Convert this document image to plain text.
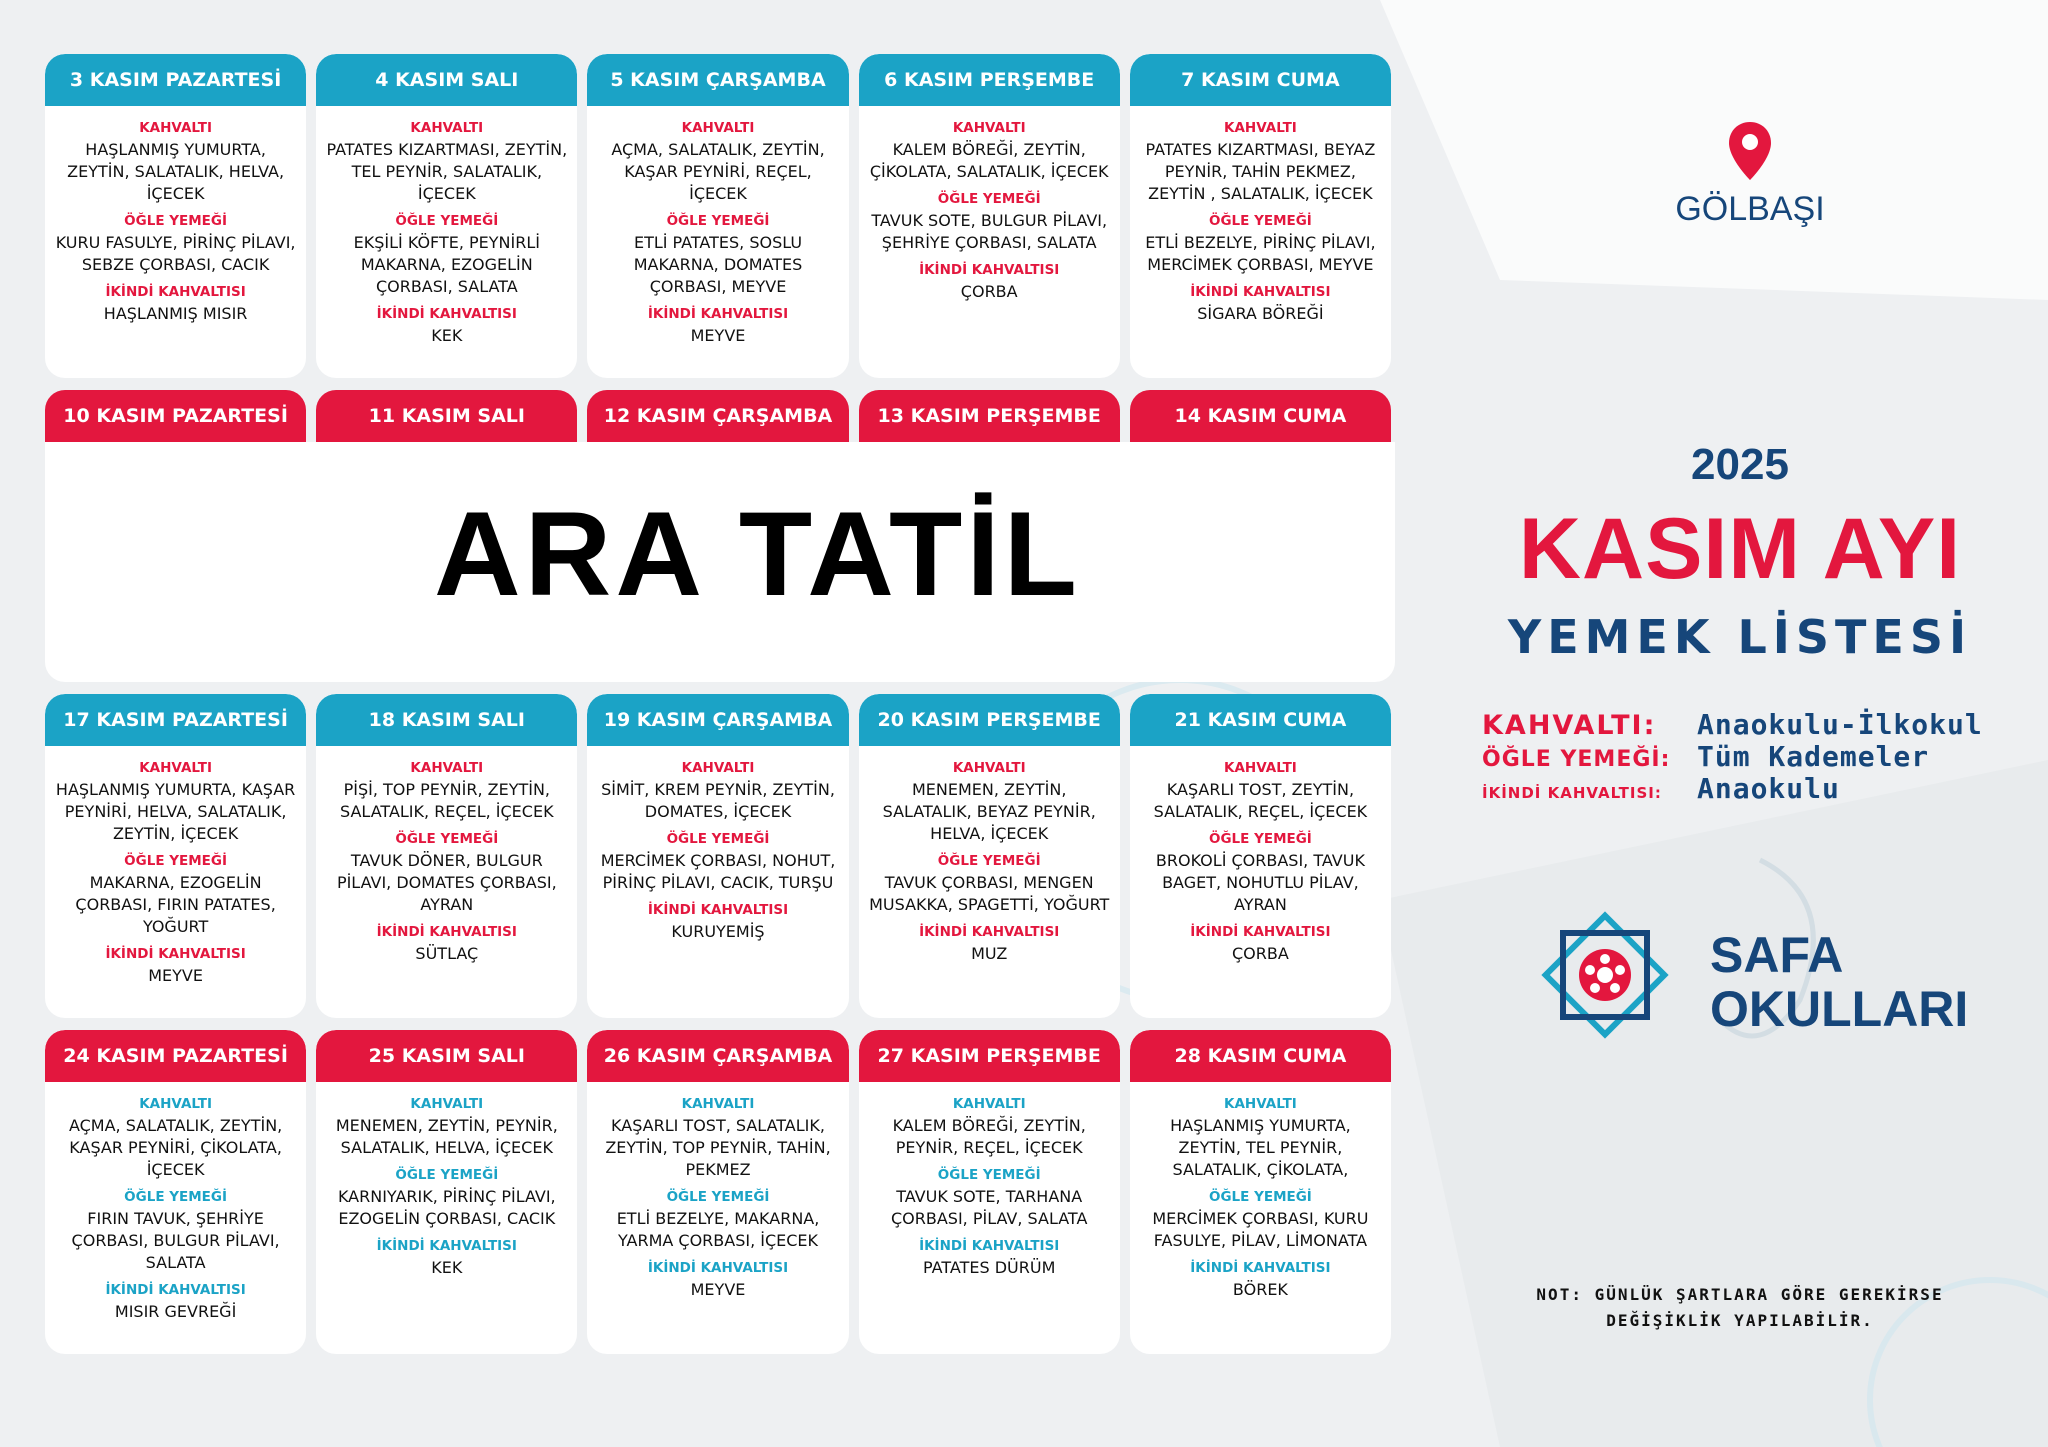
3 KASIM PAZARTESİ
KAHVALTI
HAŞLANMIŞ YUMURTA, ZEYTİN, SALATALIK, HELVA, İÇECEK
ÖĞLE YEMEĞİ
KURU FASULYE, PİRİNÇ PİLAVI, SEBZE ÇORBASI, CACIK
İKİNDİ KAHVALTISI
HAŞLANMIŞ MISIR
4 KASIM SALI
KAHVALTI
PATATES KIZARTMASI, ZEYTİN, TEL PEYNİR, SALATALIK, İÇECEK
ÖĞLE YEMEĞİ
EKŞİLİ KÖFTE, PEYNİRLİ MAKARNA, EZOGELİN ÇORBASI, SALATA
İKİNDİ KAHVALTISI
KEK
5 KASIM ÇARŞAMBA
KAHVALTI
AÇMA, SALATALIK, ZEYTİN, KAŞAR PEYNİRİ, REÇEL, İÇECEK
ÖĞLE YEMEĞİ
ETLİ PATATES, SOSLU MAKARNA, DOMATES ÇORBASI, MEYVE
İKİNDİ KAHVALTISI
MEYVE
6 KASIM PERŞEMBE
KAHVALTI
KALEM BÖREĞİ, ZEYTİN, ÇİKOLATA, SALATALIK, İÇECEK
ÖĞLE YEMEĞİ
TAVUK SOTE, BULGUR PİLAVI, ŞEHRİYE ÇORBASI, SALATA
İKİNDİ KAHVALTISI
ÇORBA
7 KASIM CUMA
KAHVALTI
PATATES KIZARTMASI, BEYAZ PEYNİR, TAHİN PEKMEZ, ZEYTİN , SALATALIK, İÇECEK
ÖĞLE YEMEĞİ
ETLİ BEZELYE, PİRİNÇ PİLAVI, MERCİMEK ÇORBASI, MEYVE
İKİNDİ KAHVALTISI
SİGARA BÖREĞİ
10 KASIM PAZARTESİ	11 KASIM SALI	12 KASIM ÇARŞAMBA	13 KASIM PERŞEMBE	14 KASIM CUMA
ARA TATİL
17 KASIM PAZARTESİ
KAHVALTI
HAŞLANMIŞ YUMURTA, KAŞAR PEYNİRİ, HELVA, SALATALIK, ZEYTİN, İÇECEK
ÖĞLE YEMEĞİ
MAKARNA, EZOGELİN ÇORBASI, FIRIN PATATES, YOĞURT
İKİNDİ KAHVALTISI
MEYVE
18 KASIM SALI
KAHVALTI
PİŞİ, TOP PEYNİR, ZEYTİN, SALATALIK, REÇEL, İÇECEK
ÖĞLE YEMEĞİ
TAVUK DÖNER, BULGUR PİLAVI, DOMATES ÇORBASI, AYRAN
İKİNDİ KAHVALTISI
SÜTLAÇ
19 KASIM ÇARŞAMBA
KAHVALTI
SİMİT, KREM PEYNİR, ZEYTİN, DOMATES, İÇECEK
ÖĞLE YEMEĞİ
MERCİMEK ÇORBASI, NOHUT, PİRİNÇ PİLAVI, CACIK, TURŞU
İKİNDİ KAHVALTISI
KURUYEMİŞ
20 KASIM PERŞEMBE
KAHVALTI
MENEMEN, ZEYTİN, SALATALIK, BEYAZ PEYNİR, HELVA, İÇECEK
ÖĞLE YEMEĞİ
TAVUK ÇORBASI, MENGEN MUSAKKA, SPAGETTİ, YOĞURT
İKİNDİ KAHVALTISI
MUZ
21 KASIM CUMA
KAHVALTI
KAŞARLI TOST, ZEYTİN, SALATALIK, REÇEL, İÇECEK
ÖĞLE YEMEĞİ
BROKOLİ ÇORBASI, TAVUK BAGET, NOHUTLU PİLAV, AYRAN
İKİNDİ KAHVALTISI
ÇORBA
24 KASIM PAZARTESİ
KAHVALTI
AÇMA, SALATALIK, ZEYTİN, KAŞAR PEYNİRİ, ÇİKOLATA, İÇECEK
ÖĞLE YEMEĞİ
FIRIN TAVUK, ŞEHRİYE ÇORBASI, BULGUR PİLAVI, SALATA
İKİNDİ KAHVALTISI
MISIR GEVREĞİ
25 KASIM SALI
KAHVALTI
MENEMEN, ZEYTİN, PEYNİR, SALATALIK, HELVA, İÇECEK
ÖĞLE YEMEĞİ
KARNIYARIK, PİRİNÇ PİLAVI, EZOGELİN ÇORBASI, CACIK
İKİNDİ KAHVALTISI
KEK
26 KASIM ÇARŞAMBA
KAHVALTI
KAŞARLI TOST, SALATALIK, ZEYTİN, TOP PEYNİR, TAHİN, PEKMEZ
ÖĞLE YEMEĞİ
ETLİ BEZELYE, MAKARNA, YARMA ÇORBASI, İÇECEK
İKİNDİ KAHVALTISI
MEYVE
27 KASIM PERŞEMBE
KAHVALTI
KALEM BÖREĞİ, ZEYTİN, PEYNİR, REÇEL, İÇECEK
ÖĞLE YEMEĞİ
TAVUK SOTE, TARHANA ÇORBASI, PİLAV, SALATA
İKİNDİ KAHVALTISI
PATATES DÜRÜM
28 KASIM CUMA
KAHVALTI
HAŞLANMIŞ YUMURTA, ZEYTİN, TEL PEYNİR, SALATALIK, ÇİKOLATA,
ÖĞLE YEMEĞİ
MERCİMEK ÇORBASI, KURU FASULYE, PİLAV, LİMONATA
İKİNDİ KAHVALTISI
BÖREK
GÖLBAŞI
2025
KASIM AYI
YEMEK LİSTESİ
KAHVALTI:	Anaokulu-İlkokul
ÖĞLE YEMEĞİ: Tüm Kademeler
İKİNDİ KAHVALTISI:	Anaokulu
SAFA
OKULLARI
NOT: GÜNLÜK ŞARTLARA GÖRE GEREKİRSE
DEĞİŞİKLİK YAPILABİLİR.
